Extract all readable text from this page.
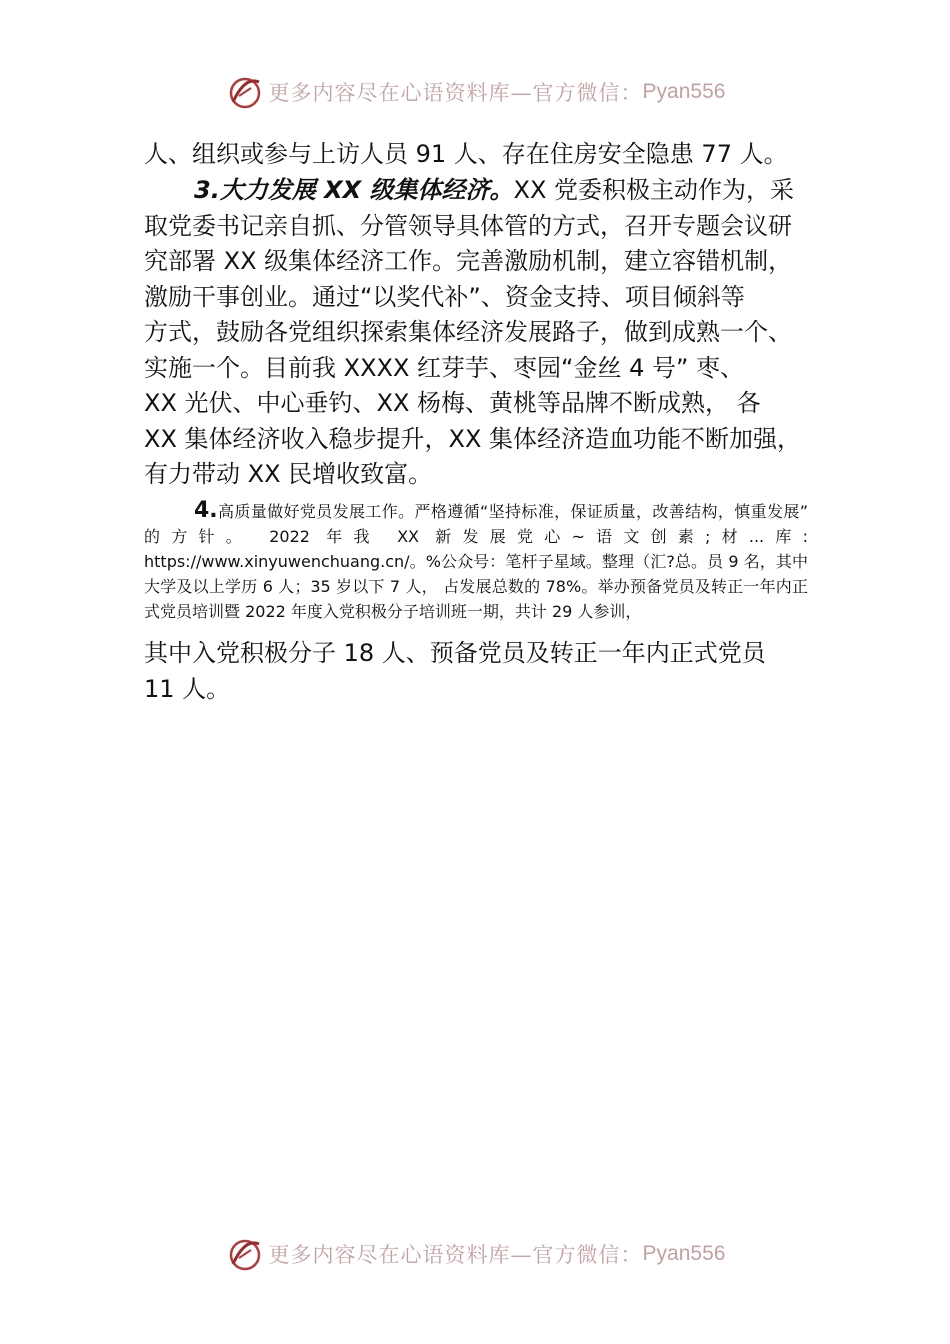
更多内容尽在心语资料库—官方微信： Pyan556
人、组织或参与上访人员 91 人、存在住房安全隐患 77 人。
3.大力发展 XX 级集体经济。XX 党委积极主动作为，采
取党委书记亲自抓、分管领导具体管的方式，召开专题会议研
究部署 XX 级集体经济工作。完善激励机制，建立容错机制，
激励干事创业。通过“以奖代补”、资金支持、项目倾斜等
方式，鼓励各党组织探索集体经济发展路子，做到成熟一个、
实施一个。目前我 XXXX 红芽芋、枣园“金丝 4 号” 枣、
XX 光伏、中心垂钓、XX 杨梅、黄桃等品牌不断成熟， 各
XX 集体经济收入稳步提升，XX 集体经济造血功能不断加强，
有力带动 XX 民增收致富。
4.高质量做好党员发展工作。严格遵循“坚持标准，保证质量，改善结构，慎重发展” 的方针。 2022 年我 XX 新发展党心~语文创素;材...库: https://www.xinyuwenchuang.cn/。%公众号：笔杆子星域。整理（汇?总。员 9 名，其中大学及以上学历 6 人；35 岁以下 7 人， 占发展总数的 78%。举办预备党员及转正一年内正式党员培训暨 2022 年度入党积极分子培训班一期，共计 29 人参训，
其中入党积极分子 18 人、预备党员及转正一年内正式党员
11 人。
更多内容尽在心语资料库—官方微信： Pyan556
